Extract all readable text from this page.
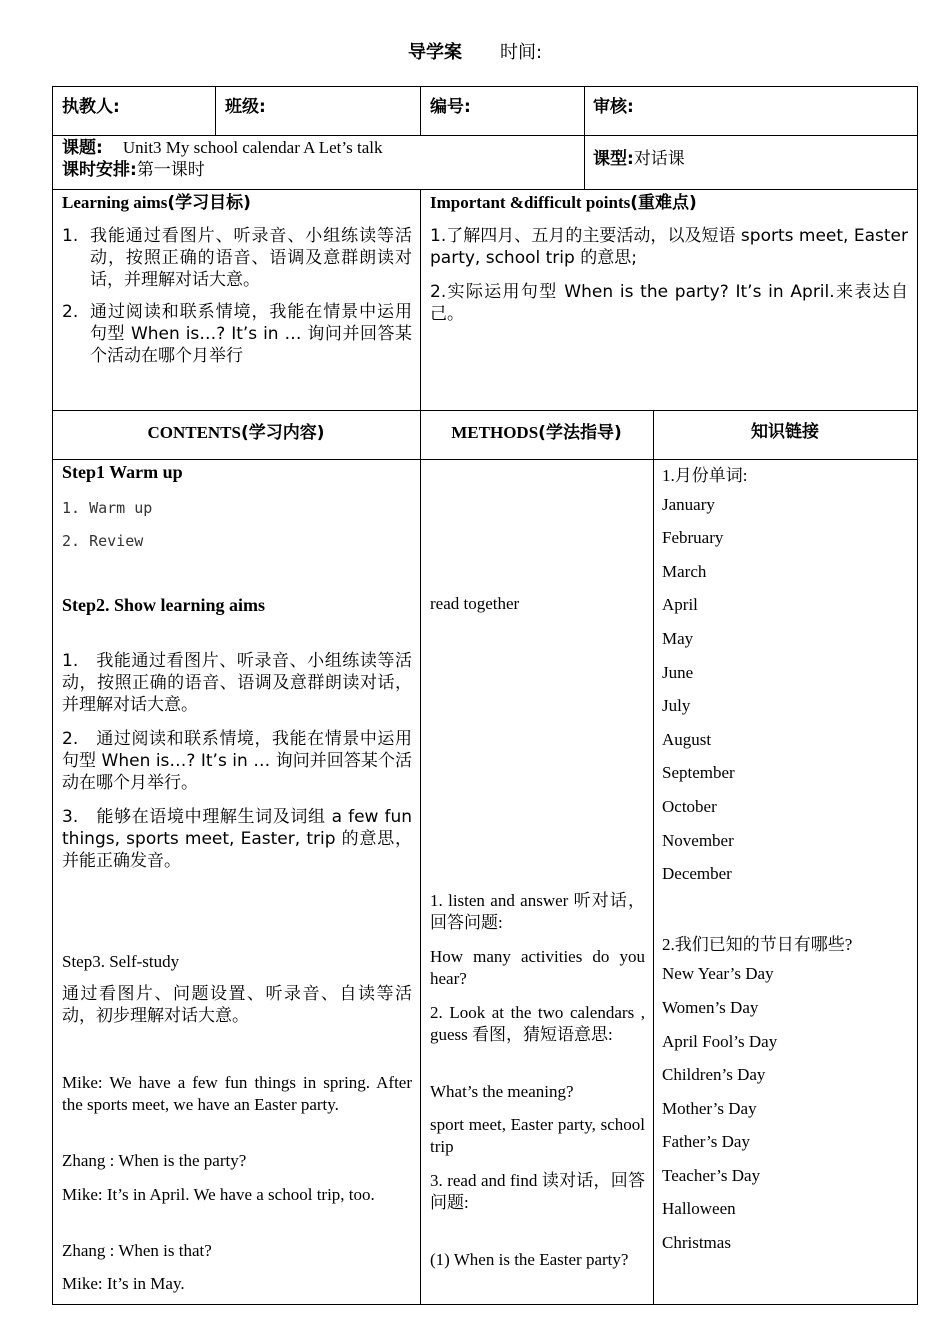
导学案 时间:
执教人:	班级:	编号:	审核:
课题: Unit3 My school calendar A Let’s talk
课时安排:第一课时
课型:对话课
Learning aims(学习目标)
1. 我能通过看图片、听录音、小组练读等活动，按照正确的语音、语调及意群朗读对话，并理解对话大意。
2. 通过阅读和联系情境，我能在情景中运用句型 When is…? It’s in … 询问并回答某个活动在哪个月举行
Important &difficult points(重难点)
1.了解四月、五月的主要活动，以及短语 sports meet, Easter party, school trip 的意思;
2.实际运用句型 When is the party? It’s in April.来表达自己。
CONTENTS(学习内容)	METHODS(学法指导)	知识链接
Step1 Warm up
1. Warm up
2. Review
Step2. Show learning aims
1.　我能通过看图片、听录音、小组练读等活动，按照正确的语音、语调及意群朗读对话，并理解对话大意。
2.　通过阅读和联系情境，我能在情景中运用句型 When is…? It’s in … 询问并回答某个活动在哪个月举行。
3.　能够在语境中理解生词及词组 a few fun things, sports meet, Easter, trip 的意思，并能正确发音。
Step3. Self-study
通过看图片、问题设置、听录音、自读等活动，初步理解对话大意。
Mike: We have a few fun things in spring. After the sports meet, we have an Easter party.
Zhang : When is the party?
Mike: It’s in April. We have a school trip, too.
Zhang : When is that?
Mike: It’s in May.
read together
1. listen and answer 听对话，回答问题:
How many activities do you hear?
2. Look at the two calendars , guess 看图，猜短语意思:
What’s the meaning?
sport meet, Easter party, school trip
3. read and find 读对话，回答问题:
(1) When is the Easter party?
1.月份单词:
January
February
March
April
May
June
July
August
September
October
November
December
2.我们已知的节日有哪些?
New Year’s Day
Women’s Day
April Fool’s Day
Children’s Day
Mother’s Day
Father’s Day
Teacher’s Day
Halloween
Christmas
